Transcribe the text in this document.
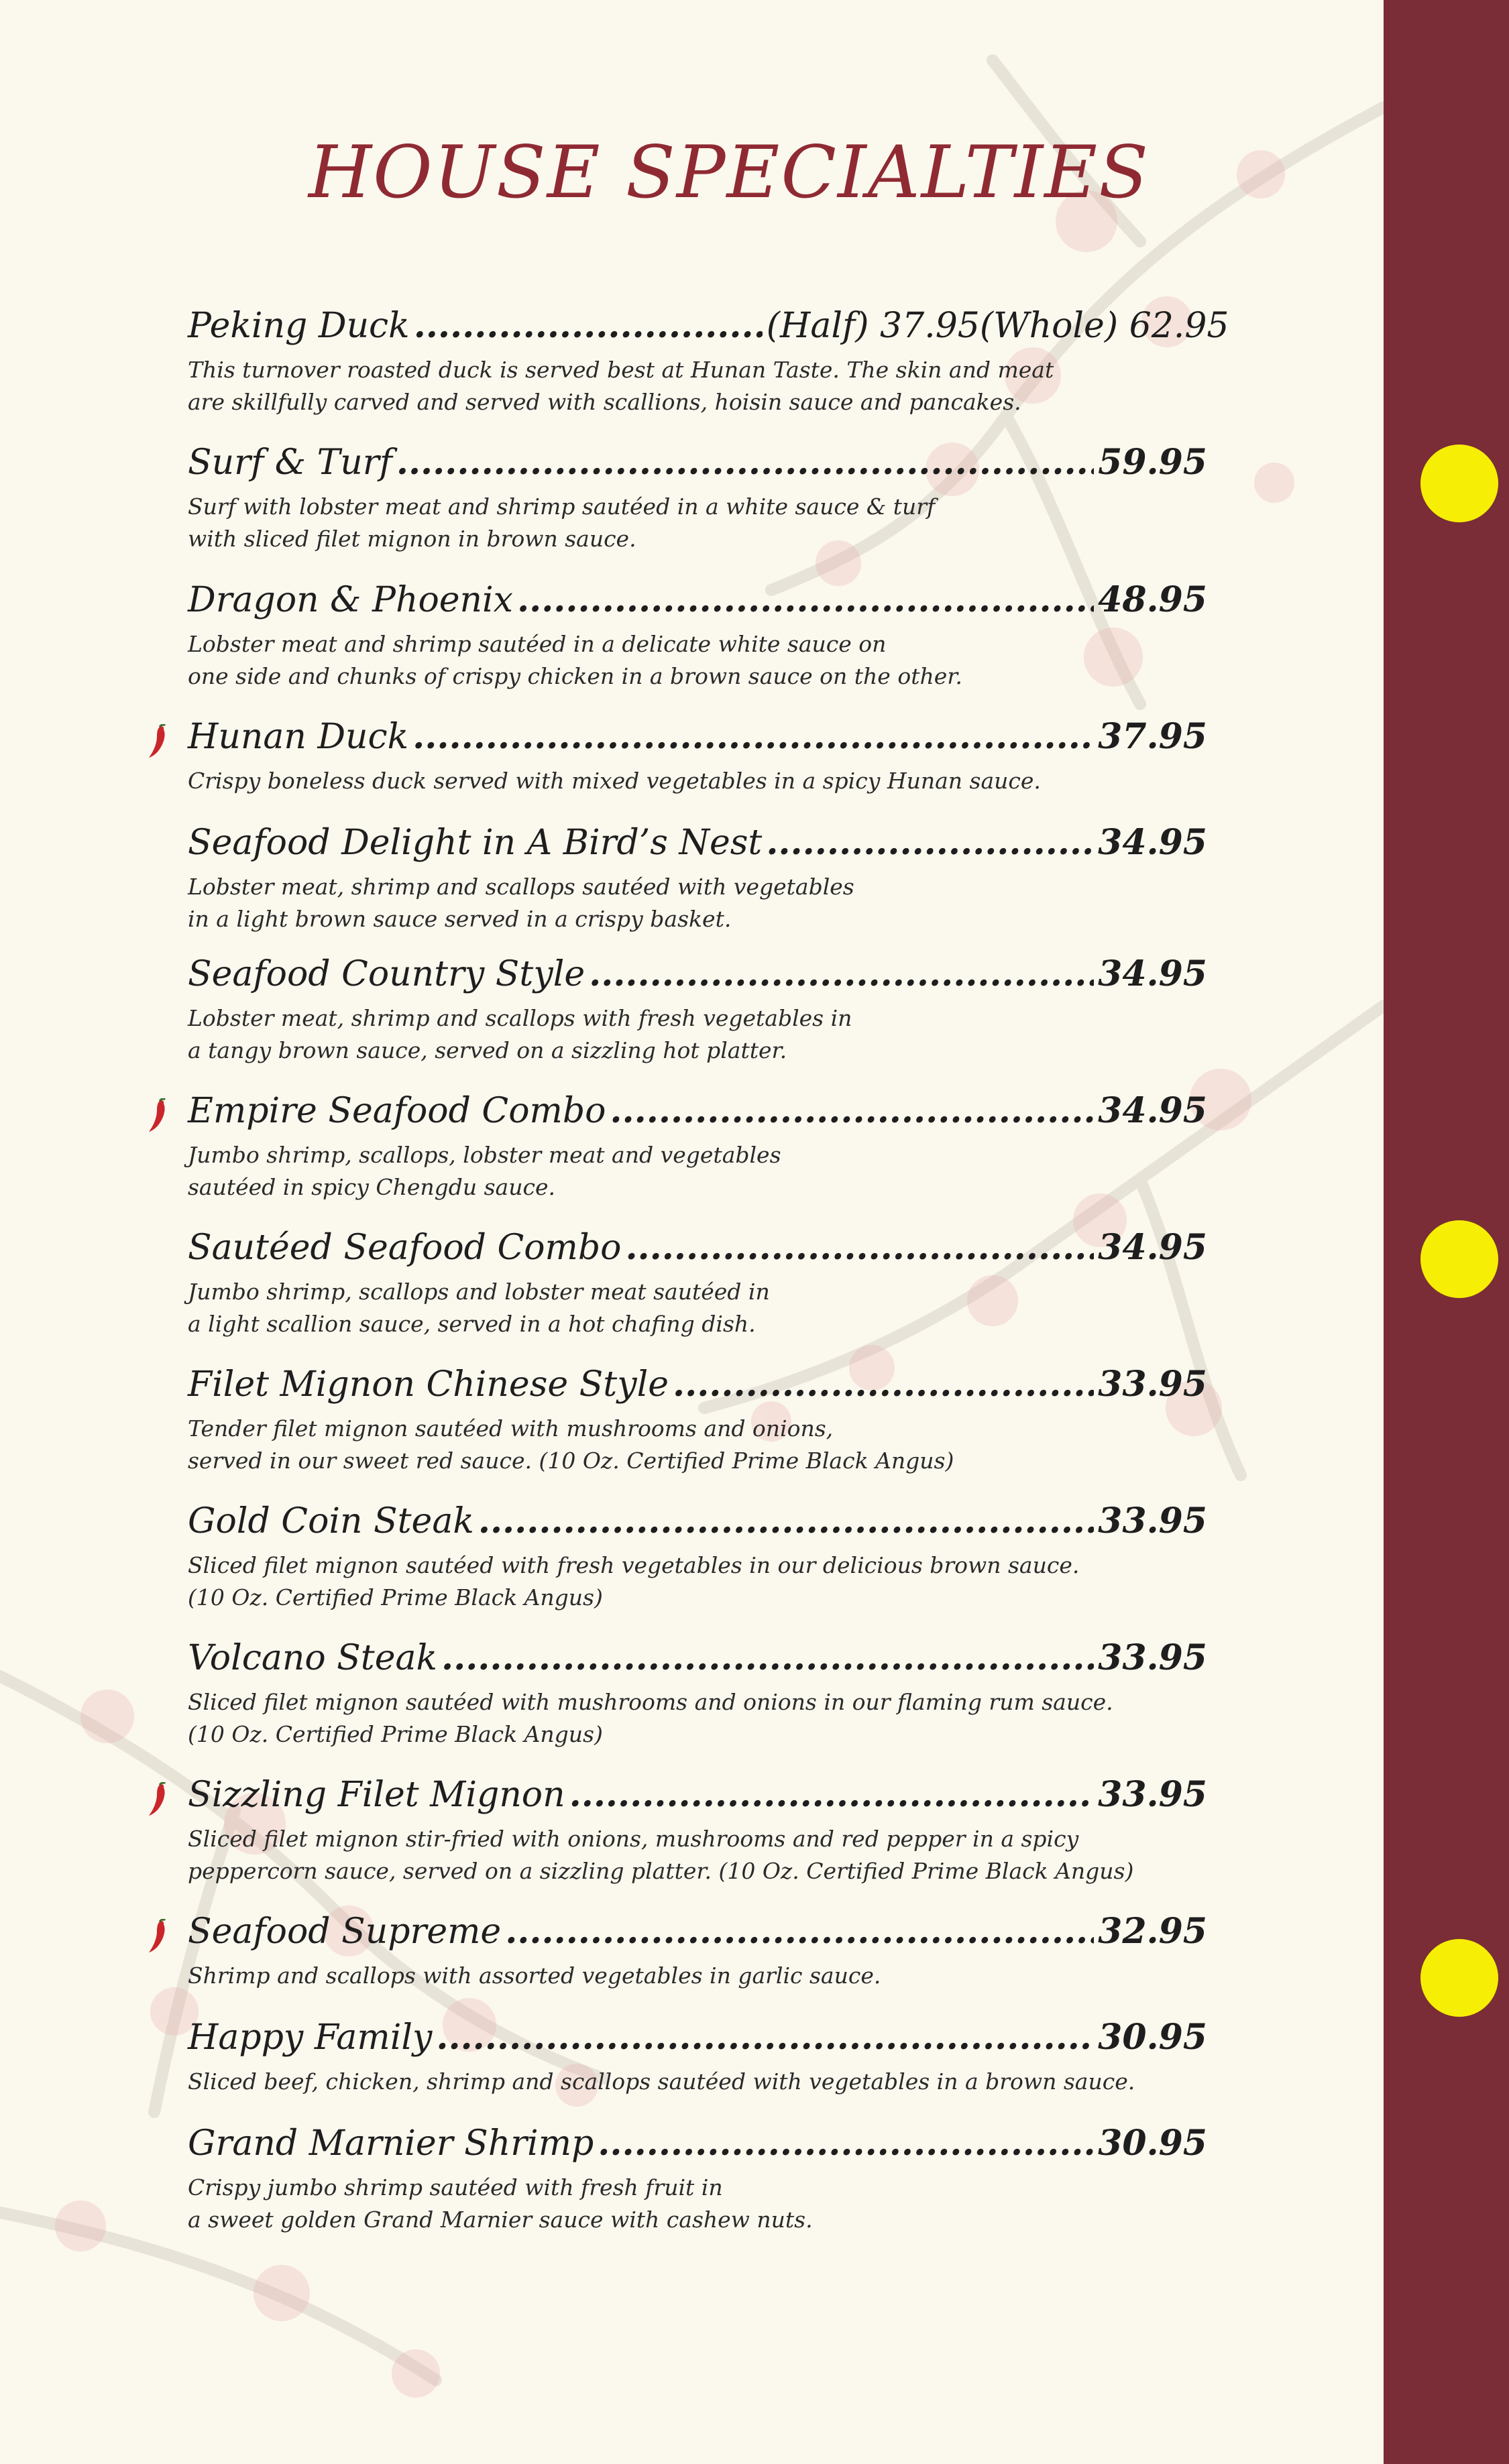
HOUSE SPECIALTIES
Peking Duck .....	(Half) 37.95 (Whole) 62.95
This turnover roasted duck is served best at Hunan Taste. The skin and meat
are skillfully carved and served with scallions, hoisin sauce and pancakes.
Surf & Turf .....	59.95
Surf with lobster meat and shrimp sautéed in a white sauce & turf
with sliced filet mignon in brown sauce.
Dragon & Phoenix .....	48.95
Lobster meat and shrimp sautéed in a delicate white sauce on
one side and chunks of crispy chicken in a brown sauce on the other.
Hunan Duck .....	37.95
Crispy boneless duck served with mixed vegetables in a spicy Hunan sauce.
Seafood Delight in A Bird’s Nest .....	34.95
Lobster meat, shrimp and scallops sautéed with vegetables
in a light brown sauce served in a crispy basket.
Seafood Country Style .....	34.95
Lobster meat, shrimp and scallops with fresh vegetables in
a tangy brown sauce, served on a sizzling hot platter.
Empire Seafood Combo .....	34.95
Jumbo shrimp, scallops, lobster meat and vegetables
sautéed in spicy Chengdu sauce.
Sautéed Seafood Combo .....	34.95
Jumbo shrimp, scallops and lobster meat sautéed in
a light scallion sauce, served in a hot chafing dish.
Filet Mignon Chinese Style .....	33.95
Tender filet mignon sautéed with mushrooms and onions,
served in our sweet red sauce. (10 Oz. Certified Prime Black Angus)
Gold Coin Steak .....	33.95
Sliced filet mignon sautéed with fresh vegetables in our delicious brown sauce.
(10 Oz. Certified Prime Black Angus)
Volcano Steak .....	33.95
Sliced filet mignon sautéed with mushrooms and onions in our flaming rum sauce.
(10 Oz. Certified Prime Black Angus)
Sizzling Filet Mignon .....	33.95
Sliced filet mignon stir-fried with onions, mushrooms and red pepper in a spicy
peppercorn sauce, served on a sizzling platter. (10 Oz. Certified Prime Black Angus)
Seafood Supreme .....	32.95
Shrimp and scallops with assorted vegetables in garlic sauce.
Happy Family .....	30.95
Sliced beef, chicken, shrimp and scallops sautéed with vegetables in a brown sauce.
Grand Marnier Shrimp .....	30.95
Crispy jumbo shrimp sautéed with fresh fruit in
a sweet golden Grand Marnier sauce with cashew nuts.
